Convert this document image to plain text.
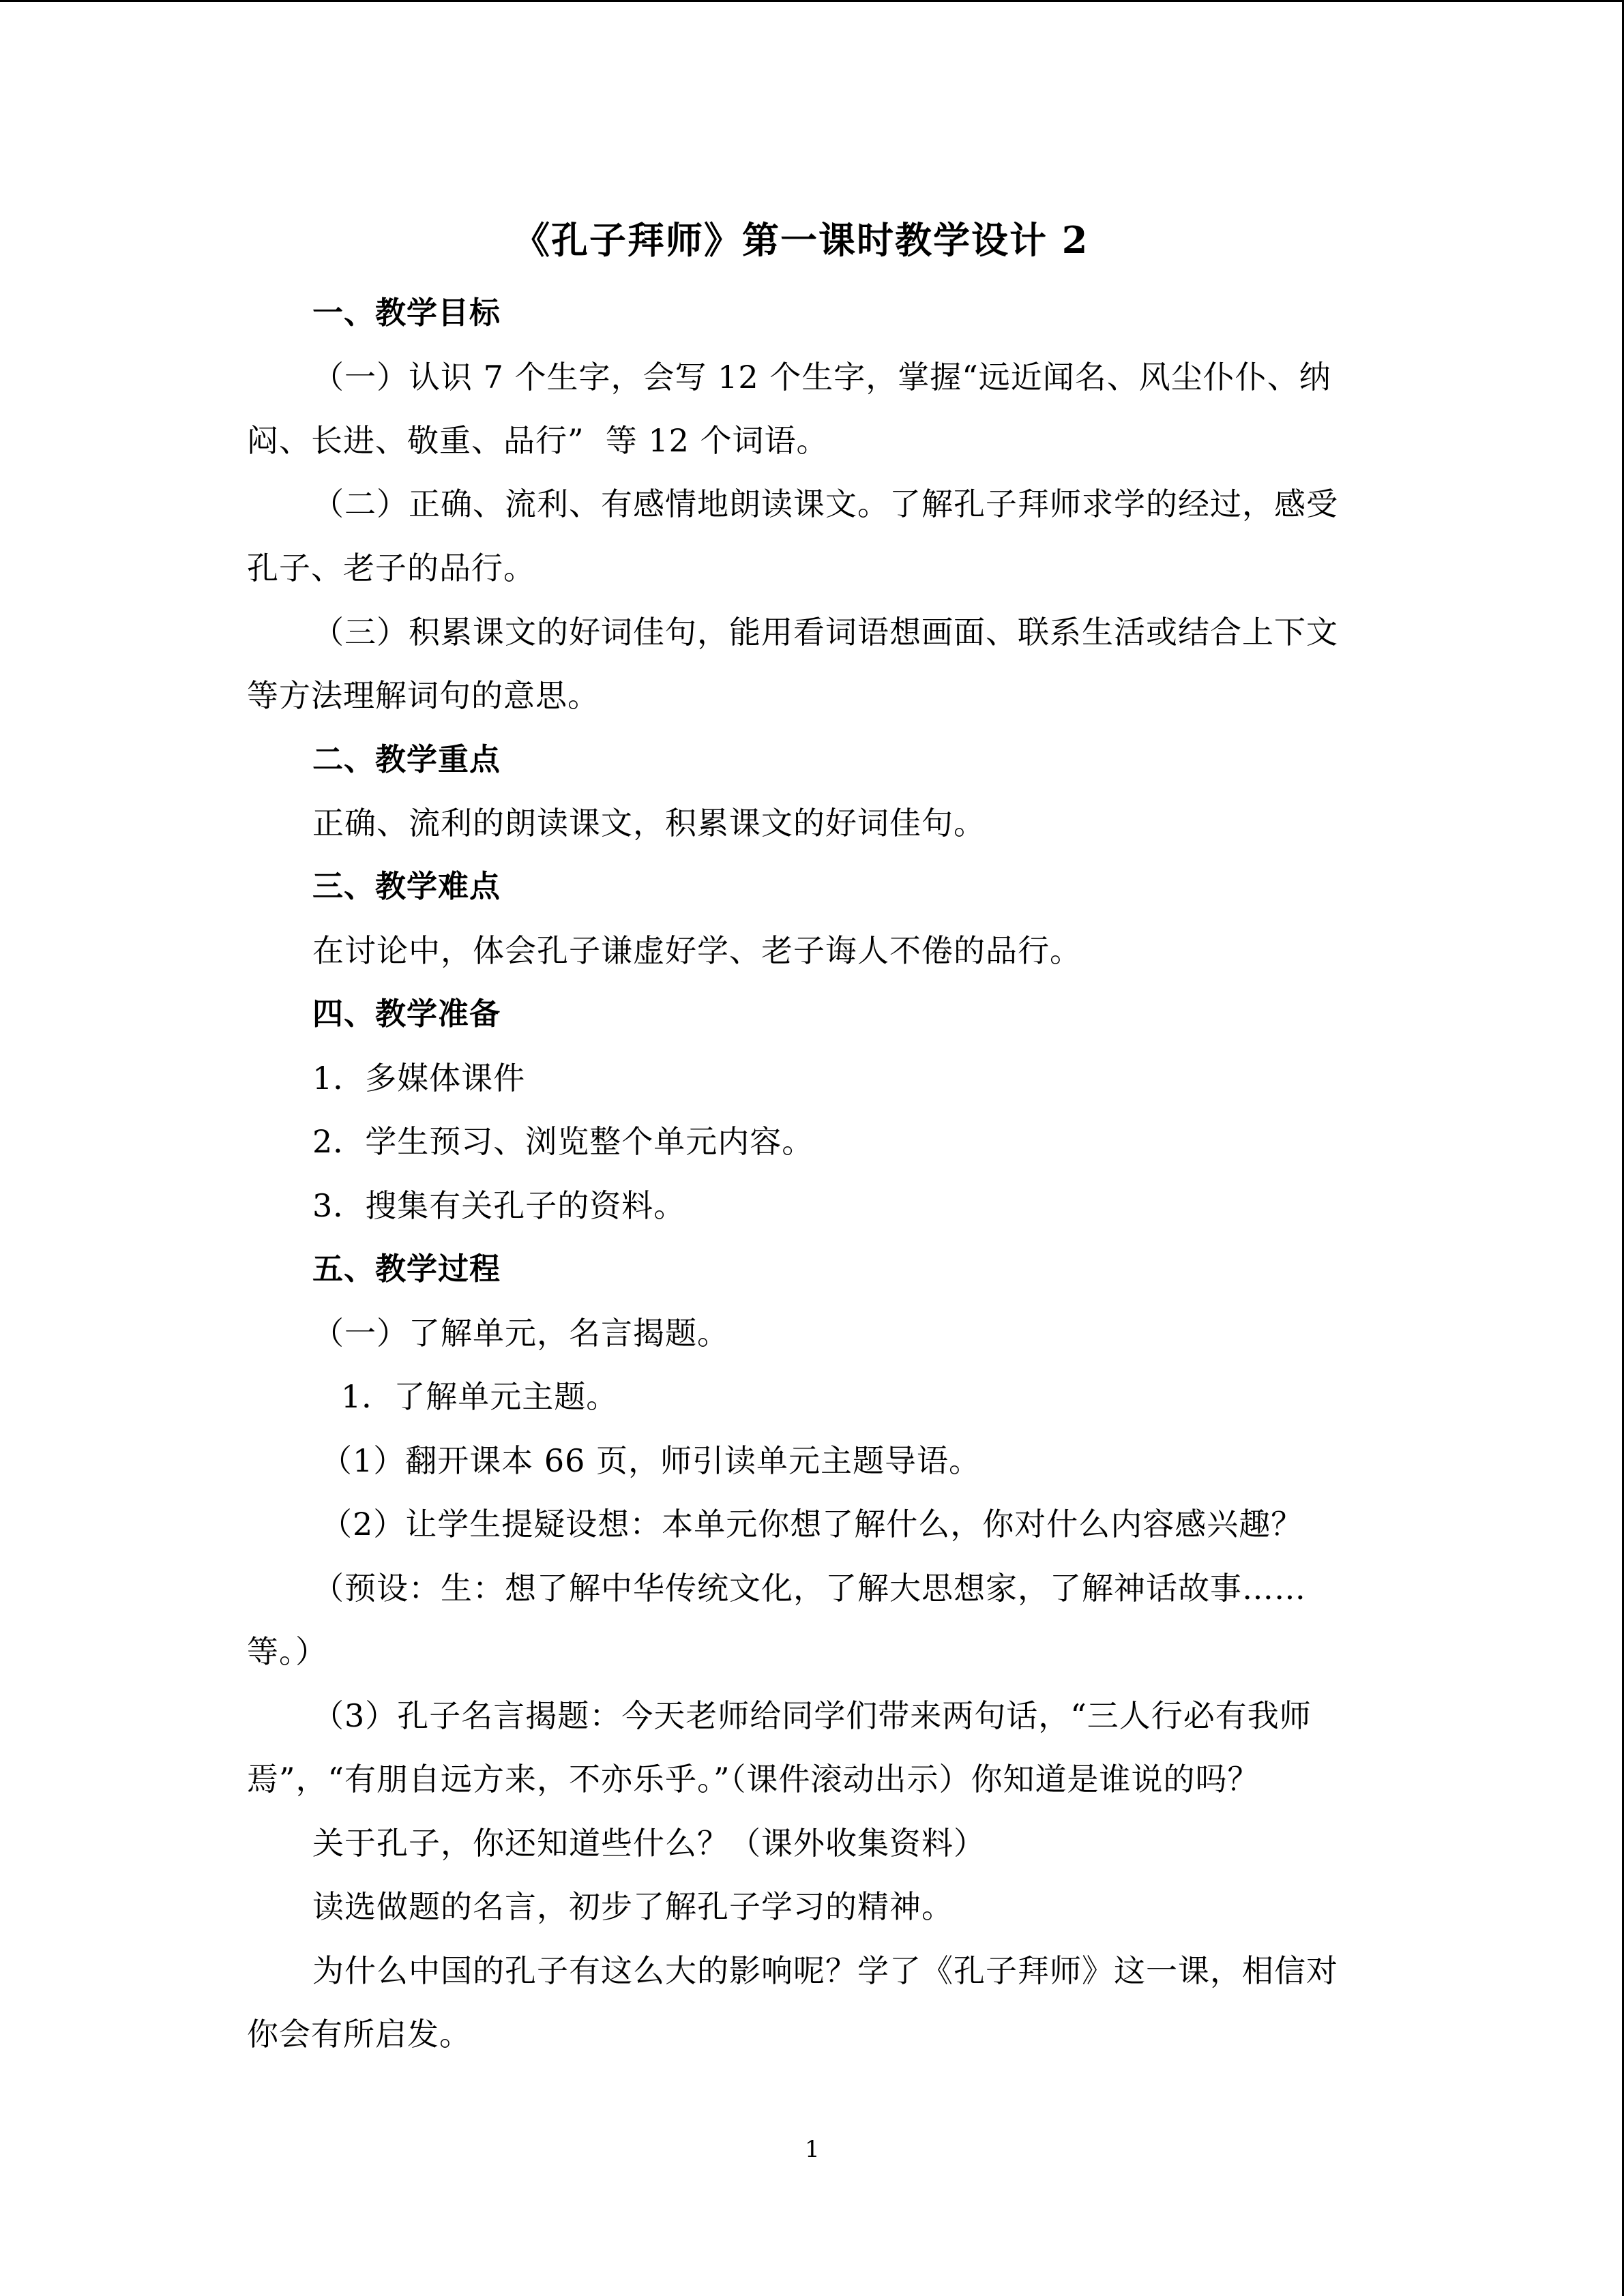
《孔子拜师》第一课时教学设计 2
一、教学目标
（一）认识 7 个生字，会写 12 个生字，掌握“远近闻名、风尘仆仆、纳
闷、长进、敬重、品行”  等 12 个词语。
（二）正确、流利、有感情地朗读课文。了解孔子拜师求学的经过，感受
孔子、老子的品行。
（三）积累课文的好词佳句，能用看词语想画面、联系生活或结合上下文
等方法理解词句的意思。
二、教学重点
正确、流利的朗读课文，积累课文的好词佳句。
三、教学难点
在讨论中，体会孔子谦虚好学、老子诲人不倦的品行。
四、教学准备
1．多媒体课件
2．学生预习、浏览整个单元内容。
3．搜集有关孔子的资料。
五、教学过程
（一）了解单元，名言揭题。
1．了解单元主题。
（1）翻开课本 66 页，师引读单元主题导语。
（2）让学生提疑设想：本单元你想了解什么，你对什么内容感兴趣？
（预设：生：想了解中华传统文化，了解大思想家，了解神话故事……
等。）
（3）孔子名言揭题：今天老师给同学们带来两句话，“三人行必有我师
焉”，“有朋自远方来，不亦乐乎。”（课件滚动出示）你知道是谁说的吗？
关于孔子，你还知道些什么？（课外收集资料）
读选做题的名言，初步了解孔子学习的精神。
为什么中国的孔子有这么大的影响呢？学了《孔子拜师》这一课，相信对
你会有所启发。
1
